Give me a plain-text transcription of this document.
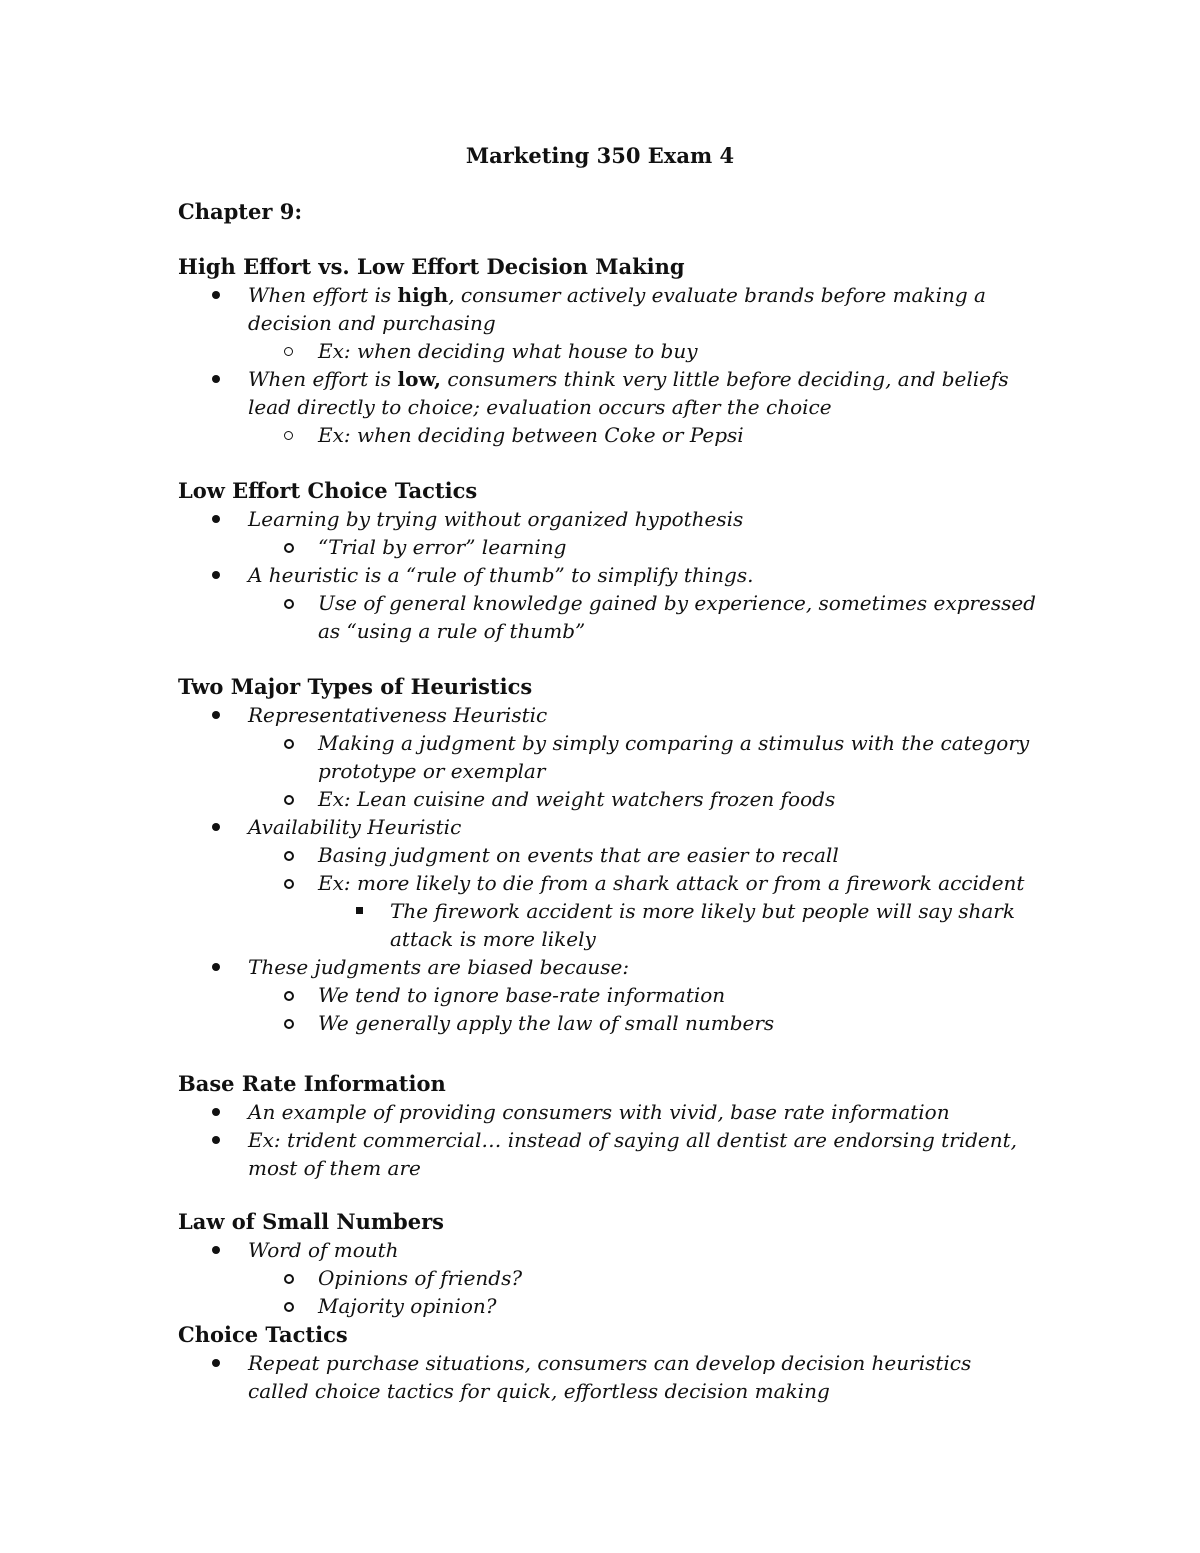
Marketing 350 Exam 4
Chapter 9:

High Effort vs. Low Effort Decision Making

When effort is high, consumer actively evaluate brands before making a decision and purchasing
Ex: when deciding what house to buy
When effort is low, consumers think very little before deciding, and beliefs lead directly to choice; evaluation occurs after the choice
Ex: when deciding between Coke or Pepsi

Low Effort Choice Tactics

Learning by trying without organized hypothesis
“Trial by error” learning
A heuristic is a “rule of thumb” to simplify things.
Use of general knowledge gained by experience, sometimes expressed as “using a rule of thumb”

Two Major Types of Heuristics

Representativeness Heuristic
Making a judgment by simply comparing a stimulus with the category prototype or exemplar
Ex: Lean cuisine and weight watchers frozen foods
Availability Heuristic
Basing judgment on events that are easier to recall
Ex: more likely to die from a shark attack or from a firework accident
The firework accident is more likely but people will say shark attack is more likely
These judgments are biased because:
We tend to ignore base-rate information
We generally apply the law of small numbers

Base Rate Information

An example of providing consumers with vivid, base rate information
Ex: trident commercial… instead of saying all dentist are endorsing trident, most of them are

Law of Small Numbers

Word of mouth
Opinions of friends?
Majority opinion?

Choice Tactics

Repeat purchase situations, consumers can develop decision heuristics called choice tactics for quick, effortless decision making
